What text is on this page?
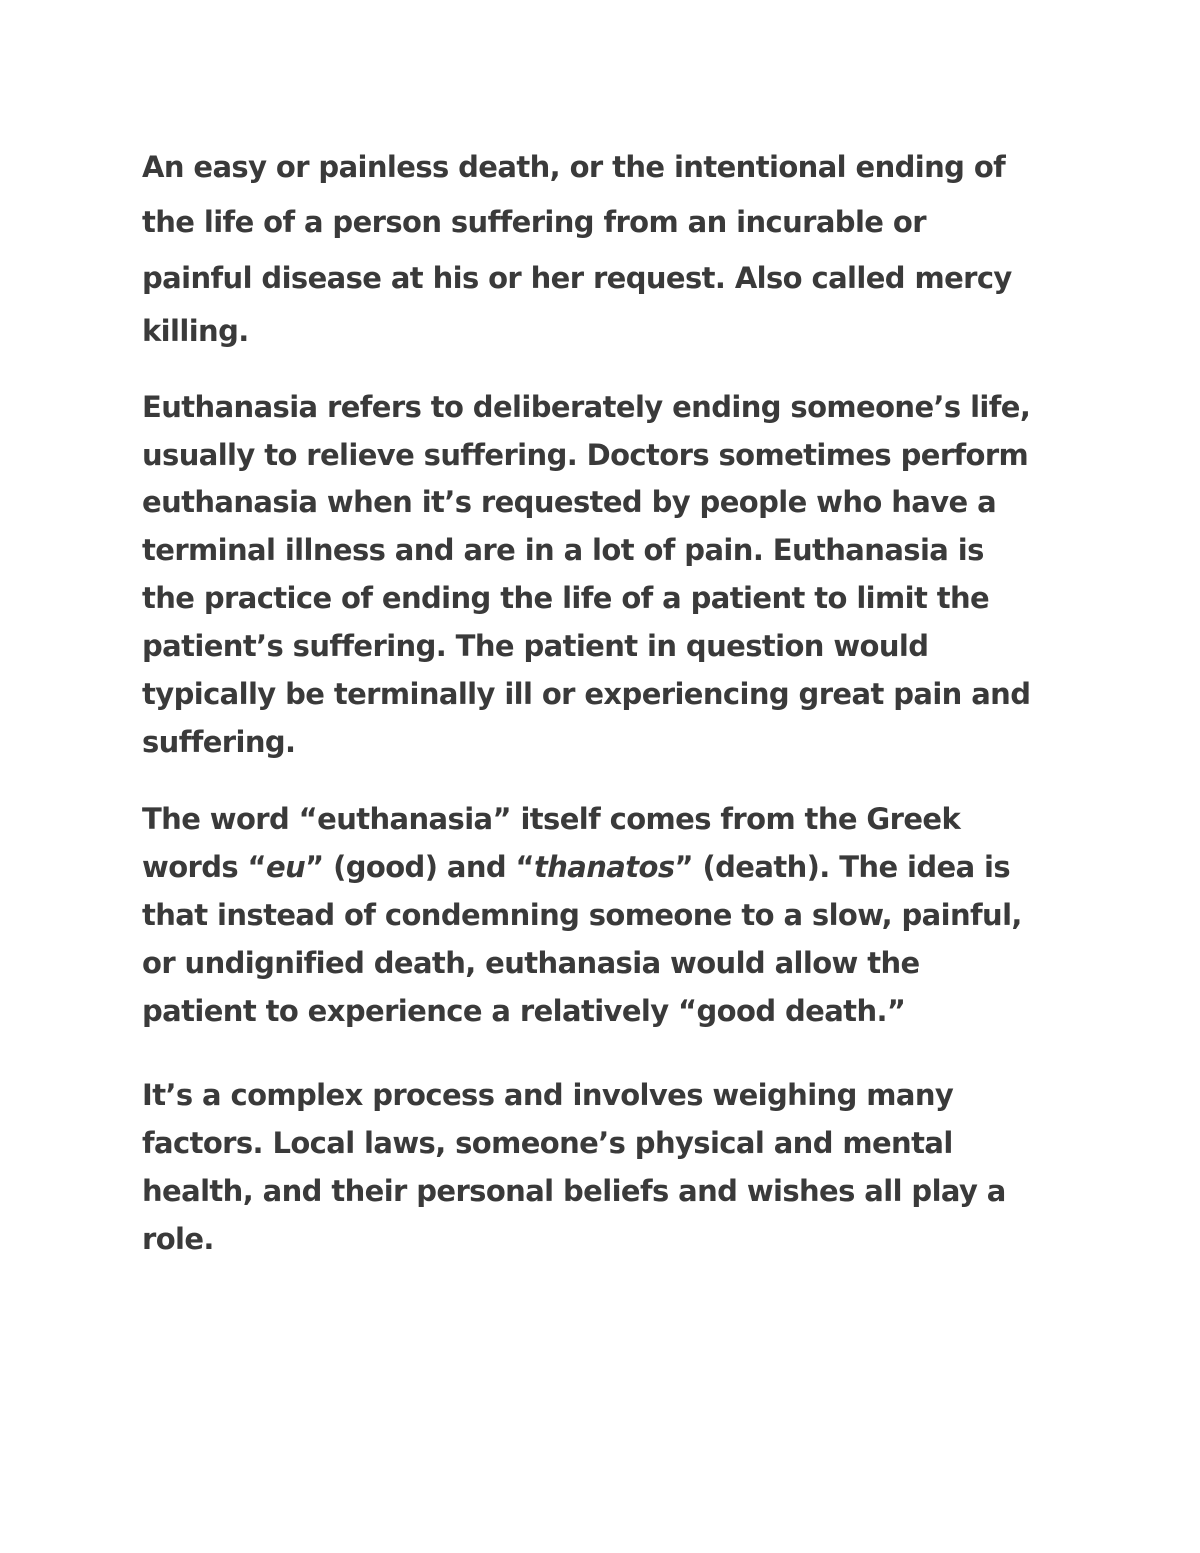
An easy or painless death, or the intentional ending of
the life of a person suffering from an incurable or
painful disease at his or her request. Also called mercy
killing.
Euthanasia refers to deliberately ending someone’s life,
usually to relieve suffering. Doctors sometimes perform
euthanasia when it’s requested by people who have a
terminal illness and are in a lot of pain. Euthanasia is
the practice of ending the life of a patient to limit the
patient’s suffering. The patient in question would
typically be terminally ill or experiencing great pain and
suffering.
The word “euthanasia” itself comes from the Greek
words “eu” (good) and “thanatos” (death). The idea is
that instead of condemning someone to a slow, painful,
or undignified death, euthanasia would allow the
patient to experience a relatively “good death.”
It’s a complex process and involves weighing many
factors. Local laws, someone’s physical and mental
health, and their personal beliefs and wishes all play a
role.
